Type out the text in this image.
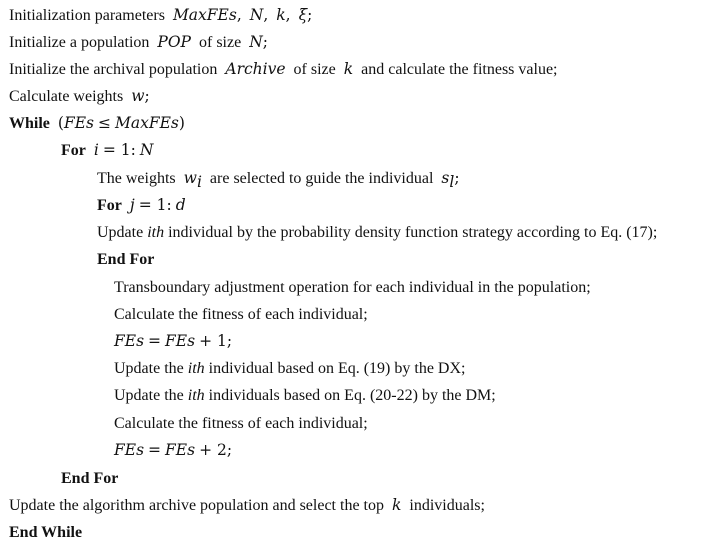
Initialization parameters MaxFEs, N, k, ξ;
Initialize a population POP of size N;
Initialize the archival population Archive of size k and calculate the fitness value;
Calculate weights w;
While (FEs ≤ MaxFEs)
For i = 1: N
The weights $w_i$ are selected to guide the individual $s_l$;
For j = 1: d
Update ith individual by the probability density function strategy according to Eq. (17);
End For
Transboundary adjustment operation for each individual in the population;
Calculate the fitness of each individual;
FEs = FEs + 1;
Update the ith individual based on Eq. (19) by the DX;
Update the ith individuals based on Eq. (20-22) by the DM;
Calculate the fitness of each individual;
FEs = FEs + 2;
End For
Update the algorithm archive population and select the top k individuals;
End While
